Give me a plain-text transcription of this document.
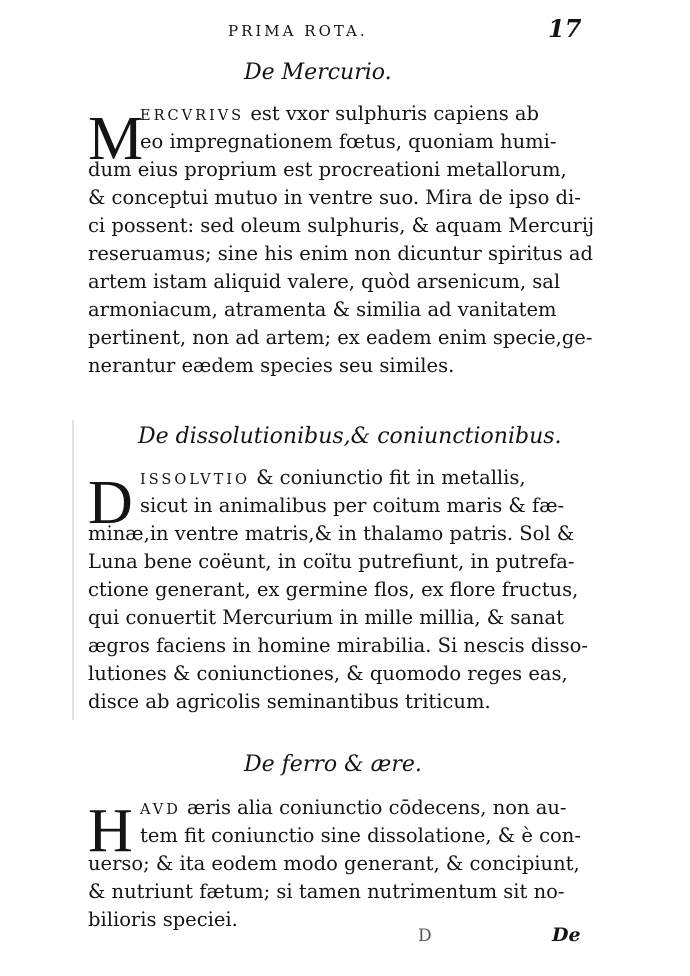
PRIMA ROTA.	17
De Mercurio.
M
ERCVRIVS est vxor sulphuris capiens ab
eo impregnationem fœtus, quoniam humi-
dum eius proprium est procreationi metallorum,
& conceptui mutuo in ventre suo. Mira de ipso di-
ci possent: sed oleum sulphuris, & aquam Mercurij
reseruamus; sine his enim non dicuntur spiritus ad
artem istam aliquid valere, quòd arsenicum, sal
armoniacum, atramenta & similia ad vanitatem
pertinent, non ad artem; ex eadem enim specie,ge-
nerantur eædem species seu similes.
De dissolutionibus,& coniunctionibus.
D ISSOLVTIO & coniunctio fit in metallis,
sicut in animalibus per coitum maris & fæ-
minæ,in ventre matris,& in thalamo patris. Sol &
Luna bene coëunt, in coïtu putrefiunt, in putrefa-
ctione generant, ex germine flos, ex flore fructus,
qui conuertit Mercurium in mille millia, & sanat
ægros faciens in homine mirabilia. Si nescis disso-
lutiones & coniunctiones, & quomodo reges eas,
disce ab agricolis seminantibus triticum.
De ferro & ære.
H AVD æris alia coniunctio cōdecens, non au-
tem fit coniunctio sine dissolatione, & è con-
uerso; & ita eodem modo generant, & concipiunt,
& nutriunt fætum; si tamen nutrimentum sit no-
bilioris speciei.
D	De
